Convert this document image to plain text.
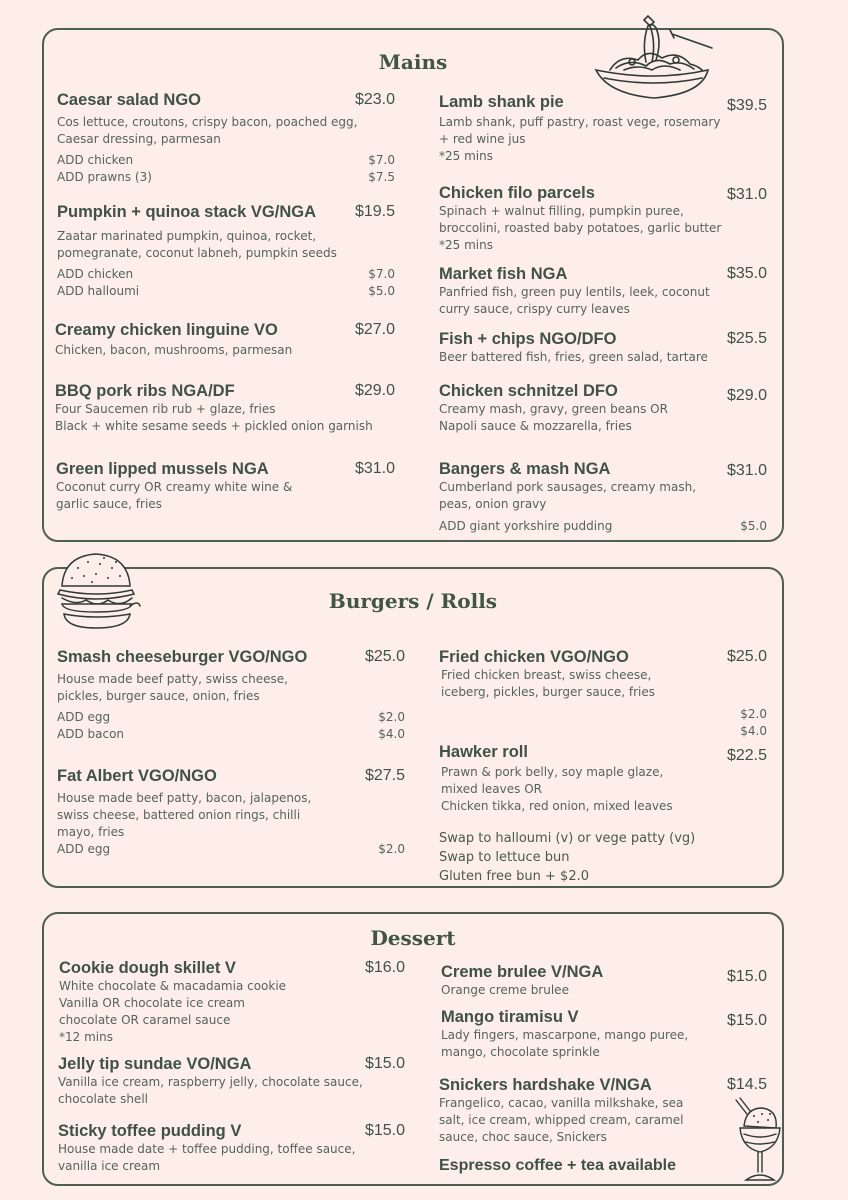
Mains
Caesar salad NGO	$23.0
Cos lettuce, croutons, crispy bacon, poached egg,
Caesar dressing, parmesan
ADD chicken	$7.0
ADD prawns (3)	$7.5
Pumpkin + quinoa stack VG/NGA	$19.5
Zaatar marinated pumpkin, quinoa, rocket,
pomegranate, coconut labneh, pumpkin seeds
ADD chicken	$7.0
ADD halloumi	$5.0
Creamy chicken linguine VO	$27.0
Chicken, bacon, mushrooms, parmesan
BBQ pork ribs NGA/DF	$29.0
Four Saucemen rib rub + glaze, fries
Black + white sesame seeds + pickled onion garnish
Green lipped mussels NGA	$31.0
Coconut curry OR creamy white wine &
garlic sauce, fries
Lamb shank pie	$39.5
Lamb shank, puff pastry, roast vege, rosemary
+ red wine jus
*25 mins
Chicken filo parcels	$31.0
Spinach + walnut filling, pumpkin puree,
broccolini, roasted baby potatoes, garlic butter
*25 mins
Market fish NGA	$35.0
Panfried fish, green puy lentils, leek, coconut
curry sauce, crispy curry leaves
Fish + chips NGO/DFO	$25.5
Beer battered fish, fries, green salad, tartare
Chicken schnitzel DFO	$29.0
Creamy mash, gravy, green beans OR
Napoli sauce & mozzarella, fries
Bangers & mash NGA	$31.0
Cumberland pork sausages, creamy mash,
peas, onion gravy
ADD giant yorkshire pudding	$5.0
Burgers / Rolls
Smash cheeseburger VGO/NGO	$25.0
House made beef patty, swiss cheese,
pickles, burger sauce, onion, fries
ADD egg	$2.0
ADD bacon	$4.0
Fat Albert VGO/NGO	$27.5
House made beef patty, bacon, jalapenos,
swiss cheese, battered onion rings, chilli
mayo, fries
ADD egg	$2.0
Fried chicken VGO/NGO	$25.0
Fried chicken breast, swiss cheese,
iceberg, pickles, burger sauce, fries
$2.0
$4.0
Hawker roll	$22.5
Prawn & pork belly, soy maple glaze,
mixed leaves OR
Chicken tikka, red onion, mixed leaves
Swap to halloumi (v) or vege patty (vg)
Swap to lettuce bun
Gluten free bun + $2.0
Dessert
Cookie dough skillet V	$16.0
White chocolate & macadamia cookie
Vanilla OR chocolate ice cream
chocolate OR caramel sauce
*12 mins
Jelly tip sundae VO/NGA	$15.0
Vanilla ice cream, raspberry jelly, chocolate sauce,
chocolate shell
Sticky toffee pudding V	$15.0
House made date + toffee pudding, toffee sauce,
vanilla ice cream
Creme brulee V/NGA	$15.0
Orange creme brulee
Mango tiramisu V	$15.0
Lady fingers, mascarpone, mango puree,
mango, chocolate sprinkle
Snickers hardshake V/NGA	$14.5
Frangelico, cacao, vanilla milkshake, sea
salt, ice cream, whipped cream, caramel
sauce, choc sauce, Snickers
Espresso coffee + tea available
